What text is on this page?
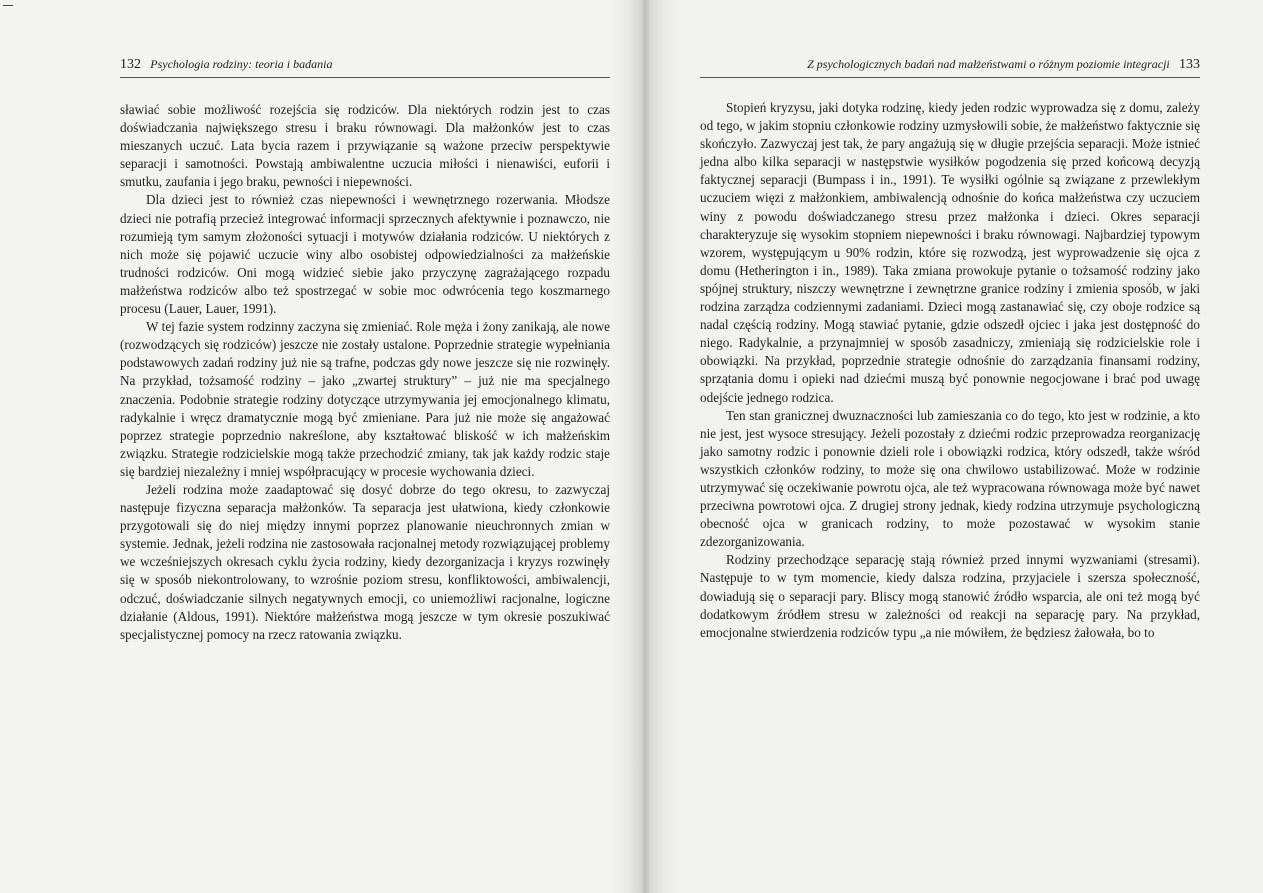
132 Psychologia rodziny: teoria i badania

sławiać sobie możliwość rozejścia się rodziców. Dla niektórych rodzin jest to czas doświadczania największego stresu i braku równowagi. Dla małżonków jest to czas mieszanych uczuć. Lata bycia razem i przywiązanie są ważone przeciw perspektywie separacji i samotności. Powstają ambiwalentne uczucia miłości i nienawiści, euforii i smutku, zaufania i jego braku, pewności i niepewności.

Dla dzieci jest to również czas niepewności i wewnętrznego rozerwania. Młodsze dzieci nie potrafią przecież integrować informacji sprzecznych afektywnie i poznawczo, nie rozumieją tym samym złożoności sytuacji i motywów działania rodziców. U niektórych z nich może się pojawić uczucie winy albo osobistej odpowiedzialności za małżeńskie trudności rodziców. Oni mogą widzieć siebie jako przyczynę zagrażającego rozpadu małżeństwa rodziców albo też spostrzegać w sobie moc odwrócenia tego koszmarnego procesu (Lauer, Lauer, 1991).

W tej fazie system rodzinny zaczyna się zmieniać. Role męża i żony zanikają, ale nowe (rozwodzących się rodziców) jeszcze nie zostały ustalone. Poprzednie strategie wypełniania podstawowych zadań rodziny już nie są trafne, podczas gdy nowe jeszcze się nie rozwinęły. Na przykład, tożsamość rodziny – jako „zwartej struktury” – już nie ma specjalnego znaczenia. Podobnie strategie rodziny dotyczące utrzymywania jej emocjonalnego klimatu, radykalnie i wręcz dramatycznie mogą być zmieniane. Para już nie może się angażować poprzez strategie poprzednio nakreślone, aby kształtować bliskość w ich małżeńskim związku. Strategie rodzicielskie mogą także przechodzić zmiany, tak jak każdy rodzic staje się bardziej niezależny i mniej współpracujący w procesie wychowania dzieci.

Jeżeli rodzina może zaadaptować się dosyć dobrze do tego okresu, to zazwyczaj następuje fizyczna separacja małżonków. Ta separacja jest ułatwiona, kiedy członkowie przygotowali się do niej między innymi poprzez planowanie nieuchronnych zmian w systemie. Jednak, jeżeli rodzina nie zastosowała racjonalnej metody rozwiązującej problemy we wcześniejszych okresach cyklu życia rodziny, kiedy dezorganizacja i kryzys rozwinęły się w sposób niekontrolowany, to wzrośnie poziom stresu, konfliktowości, ambiwalencji, odczuć, doświadczanie silnych negatywnych emocji, co uniemożliwi racjonalne, logiczne działanie (Aldous, 1991). Niektóre małżeństwa mogą jeszcze w tym okresie poszukiwać specjalistycznej pomocy na rzecz ratowania związku.

Z psychologicznych badań nad małżeństwami o różnym poziomie integracji 133

Stopień kryzysu, jaki dotyka rodzinę, kiedy jeden rodzic wyprowadza się z domu, zależy od tego, w jakim stopniu członkowie rodziny uzmysłowili sobie, że małżeństwo faktycznie się skończyło. Zazwyczaj jest tak, że pary angażują się w długie przejścia separacji. Może istnieć jedna albo kilka separacji w następstwie wysiłków pogodzenia się przed końcową decyzją faktycznej separacji (Bumpass i in., 1991). Te wysiłki ogólnie są związane z przewlekłym uczuciem więzi z małżonkiem, ambiwalencją odnośnie do końca małżeństwa czy uczuciem winy z powodu doświadczanego stresu przez małżonka i dzieci. Okres separacji charakteryzuje się wysokim stopniem niepewności i braku równowagi. Najbardziej typowym wzorem, występującym u 90% rodzin, które się rozwodzą, jest wyprowadzenie się ojca z domu (Hetherington i in., 1989). Taka zmiana prowokuje pytanie o tożsamość rodziny jako spójnej struktury, niszczy wewnętrzne i zewnętrzne granice rodziny i zmienia sposób, w jaki rodzina zarządza codziennymi zadaniami. Dzieci mogą zastanawiać się, czy oboje rodzice są nadal częścią rodziny. Mogą stawiać pytanie, gdzie odszedł ojciec i jaka jest dostępność do niego. Radykalnie, a przynajmniej w sposób zasadniczy, zmieniają się rodzicielskie role i obowiązki. Na przykład, poprzednie strategie odnośnie do zarządzania finansami rodziny, sprzątania domu i opieki nad dziećmi muszą być ponownie negocjowane i brać pod uwagę odejście jednego rodzica.

Ten stan granicznej dwuznaczności lub zamieszania co do tego, kto jest w rodzinie, a kto nie jest, jest wysoce stresujący. Jeżeli pozostały z dziećmi rodzic przeprowadza reorganizację jako samotny rodzic i ponownie dzieli role i obowiązki rodzica, który odszedł, także wśród wszystkich członków rodziny, to może się ona chwilowo ustabilizować. Może w rodzinie utrzymywać się oczekiwanie powrotu ojca, ale też wypracowana równowaga może być nawet przeciwna powrotowi ojca. Z drugiej strony jednak, kiedy rodzina utrzymuje psychologiczną obecność ojca w granicach rodziny, to może pozostawać w wysokim stanie zdezorganizowania.

Rodziny przechodzące separację stają również przed innymi wyzwaniami (stresami). Następuje to w tym momencie, kiedy dalsza rodzina, przyjaciele i szersza społeczność, dowiadują się o separacji pary. Bliscy mogą stanowić źródło wsparcia, ale oni też mogą być dodatkowym źródłem stresu w zależności od reakcji na separację pary. Na przykład, emocjonalne stwierdzenia rodziców typu „a nie mówiłem, że będziesz żałowała, bo to
